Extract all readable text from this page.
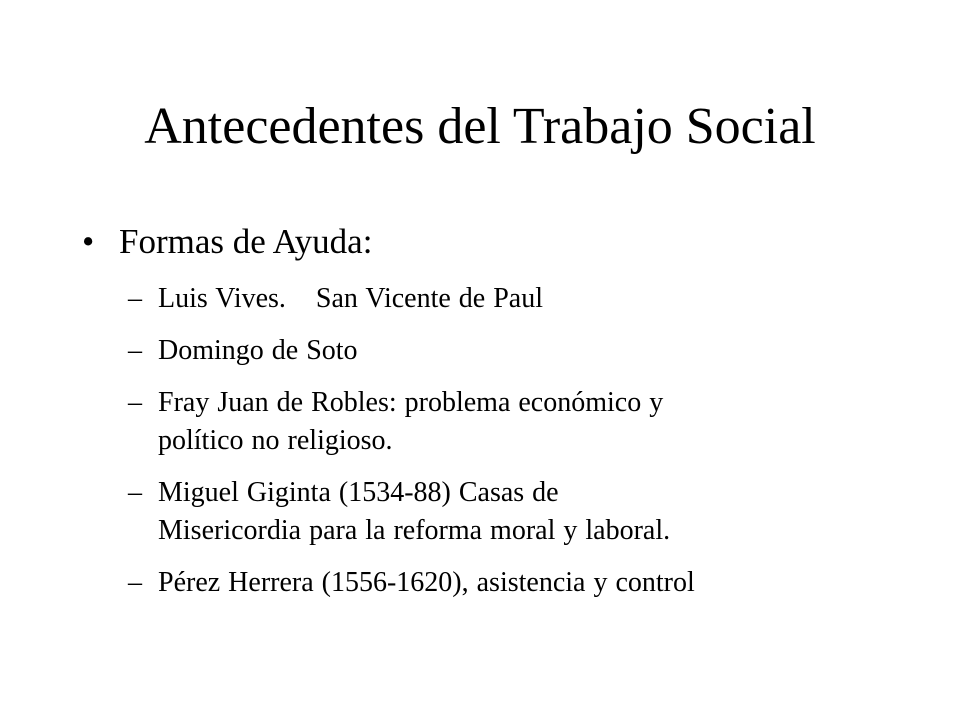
Antecedentes del Trabajo Social
• Formas de Ayuda:
– Luis Vives. San Vicente de Paul
– Domingo de Soto
– Fray Juan de Robles: problema económico y
político no religioso.
– Miguel Giginta (1534-88) Casas de
Misericordia para la reforma moral y laboral.
– Pérez Herrera (1556-1620), asistencia y control
